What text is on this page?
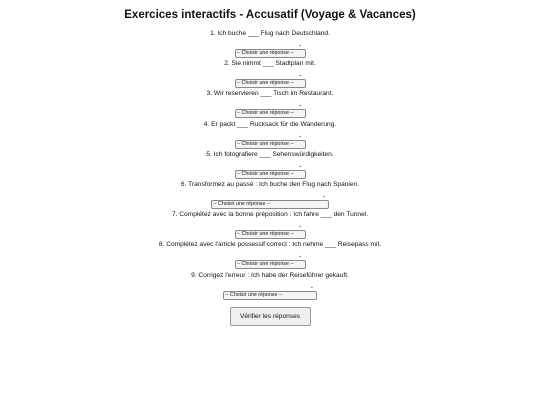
Exercices interactifs - Accusatif (Voyage & Vacances)
1. Ich buche ___ Flug nach Deutschland.
-- Choisir une réponse --
⌄
2. Sie nimmt ___ Stadtplan mit.
-- Choisir une réponse --
⌄
3. Wir reservieren ___ Tisch im Restaurant.
-- Choisir une réponse --
⌄
4. Er packt ___ Rucksack für die Wanderung.
-- Choisir une réponse --
⌄
5. Ich fotografiere ___ Sehenswürdigkeiten.
-- Choisir une réponse --
⌄
6. Transformez au passé : Ich buche den Flug nach Spanien.
-- Choisir une réponse --
⌄
7. Complétez avec la bonne préposition : Ich fahre ___ den Tunnel.
-- Choisir une réponse --
⌄
8. Complétez avec l'article possessif correct : Ich nehme ___ Reisepass mit.
-- Choisir une réponse --
⌄
9. Corrigez l'erreur : Ich habe der Reiseführer gekauft.
-- Choisir une réponse --
⌄
Vérifier les réponses
